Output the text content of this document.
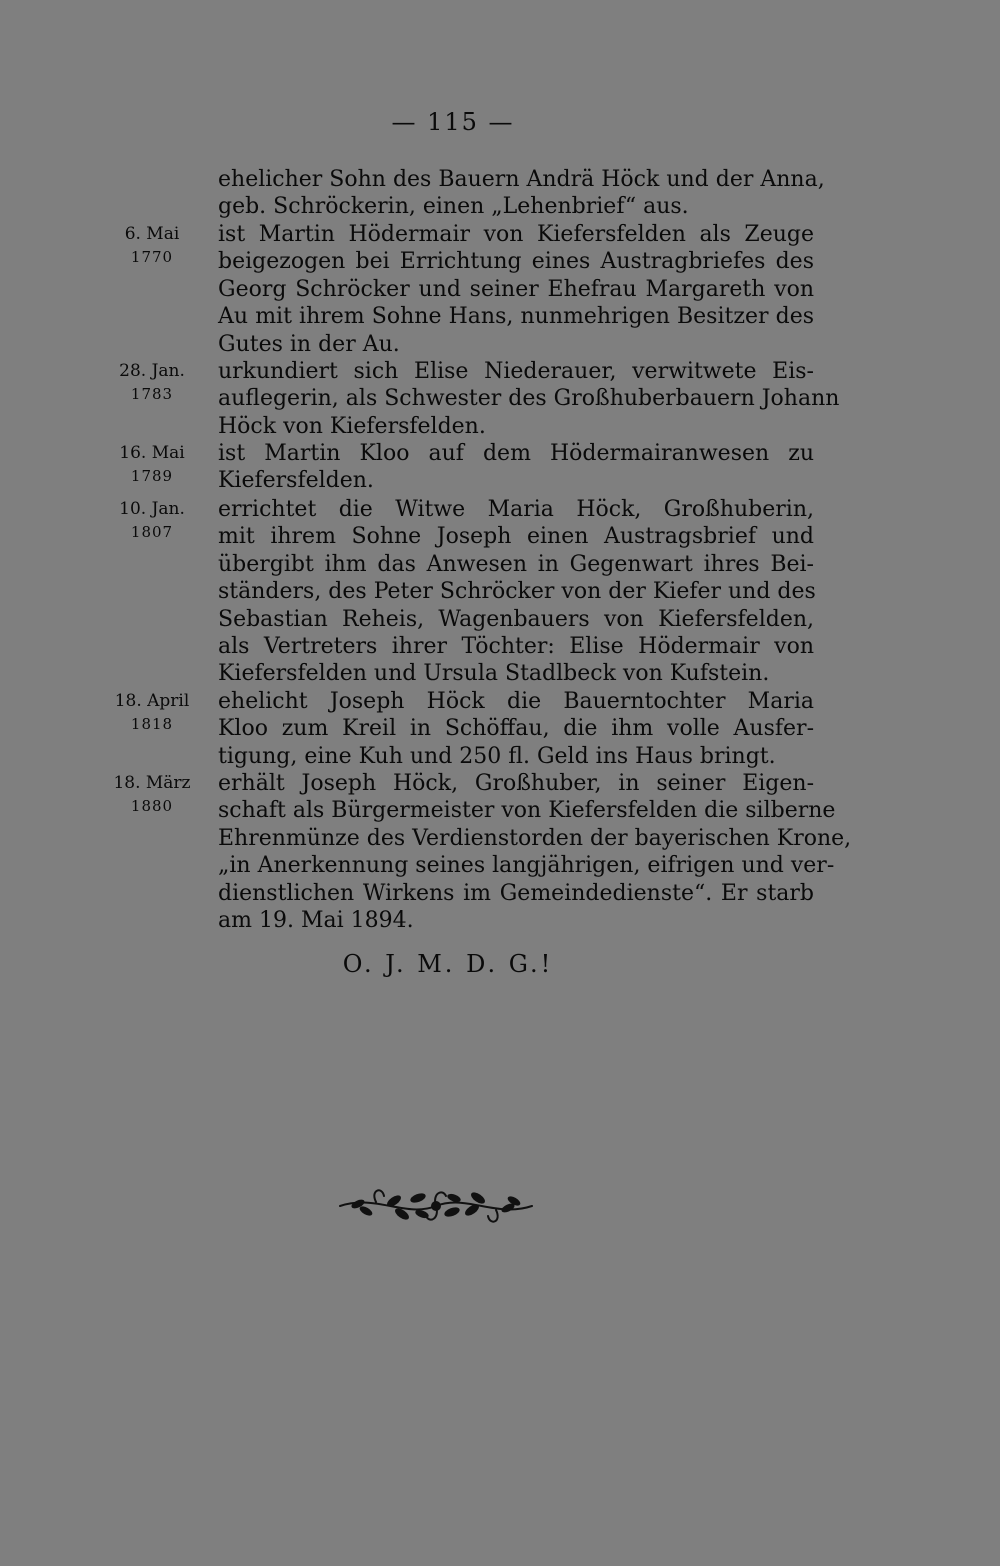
— 115 —
ehelicher Sohn des Bauern Andrä Höck und der Anna,
geb. Schröckerin, einen „Lehenbrief“ aus.
6. Mai
1770
ist Martin Hödermair von Kiefersfelden als Zeuge
beigezogen bei Errichtung eines Austragbriefes des
Georg Schröcker und seiner Ehefrau Margareth von
Au mit ihrem Sohne Hans, nunmehrigen Besitzer des
Gutes in der Au.
28. Jan.
1783
urkundiert sich Elise Niederauer, verwitwete Eis-
auflegerin, als Schwester des Großhuberbauern Johann
Höck von Kiefersfelden.
16. Mai
1789
ist Martin Kloo auf dem Hödermairanwesen zu
Kiefersfelden.
10. Jan.
1807
errichtet die Witwe Maria Höck, Großhuberin,
mit ihrem Sohne Joseph einen Austragsbrief und
übergibt ihm das Anwesen in Gegenwart ihres Bei-
ständers, des Peter Schröcker von der Kiefer und des
Sebastian Reheis, Wagenbauers von Kiefersfelden,
als Vertreters ihrer Töchter: Elise Hödermair von
Kiefersfelden und Ursula Stadlbeck von Kufstein.
18. April
1818
ehelicht Joseph Höck die Bauerntochter Maria
Kloo zum Kreil in Schöffau, die ihm volle Ausfer-
tigung, eine Kuh und 250 fl. Geld ins Haus bringt.
18. März
1880
erhält Joseph Höck, Großhuber, in seiner Eigen-
schaft als Bürgermeister von Kiefersfelden die silberne
Ehrenmünze des Verdienstorden der bayerischen Krone,
„in Anerkennung seines langjährigen, eifrigen und ver-
dienstlichen Wirkens im Gemeindedienste“. Er starb
am 19. Mai 1894.
O. J. M. D. G.!
